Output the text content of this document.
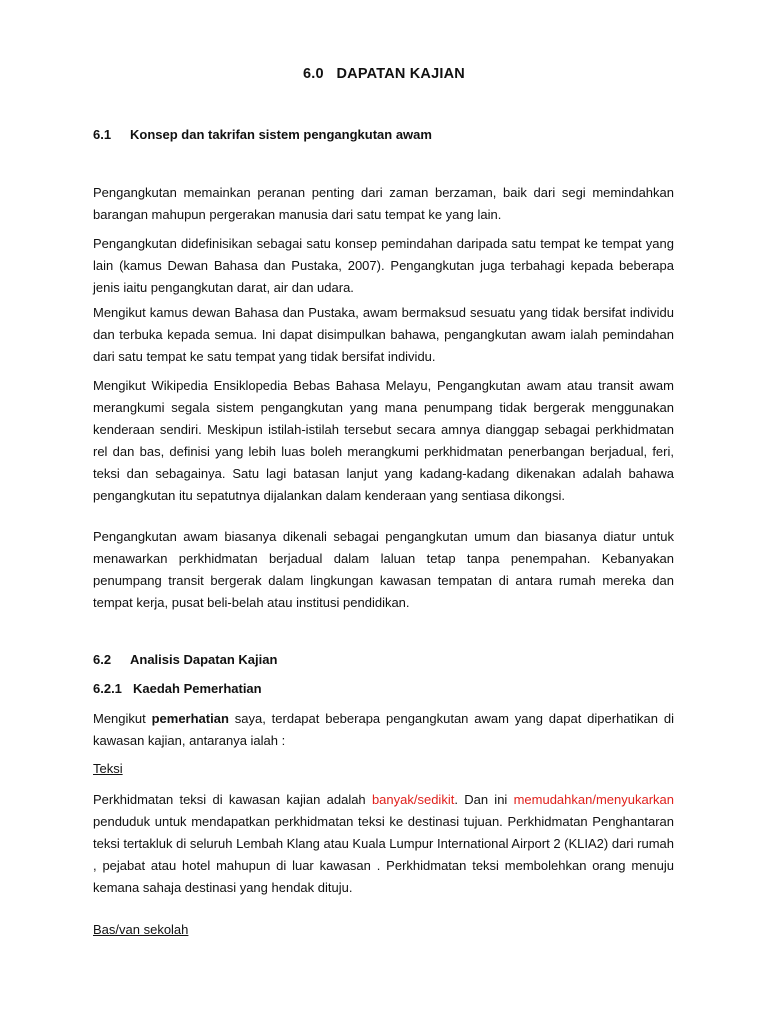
6.0   DAPATAN KAJIAN
6.1 Konsep dan takrifan sistem pengangkutan awam

Pengangkutan memainkan peranan penting dari zaman berzaman, baik dari segi memindahkan barangan mahupun pergerakan manusia dari satu tempat ke yang lain.

Pengangkutan didefinisikan sebagai satu konsep pemindahan daripada satu tempat ke tempat yang lain (kamus Dewan Bahasa dan Pustaka, 2007). Pengangkutan juga terbahagi kepada beberapa jenis iaitu pengangkutan darat, air dan udara.

Mengikut kamus dewan Bahasa dan Pustaka, awam bermaksud sesuatu yang tidak bersifat individu dan terbuka kepada semua. Ini dapat disimpulkan bahawa, pengangkutan awam ialah pemindahan dari satu tempat ke satu tempat yang tidak bersifat individu.

Mengikut Wikipedia Ensiklopedia Bebas Bahasa Melayu, Pengangkutan awam atau transit awam merangkumi segala sistem pengangkutan yang mana penumpang tidak bergerak menggunakan kenderaan sendiri. Meskipun istilah-istilah tersebut secara amnya dianggap sebagai perkhidmatan rel dan bas, definisi yang lebih luas boleh merangkumi perkhidmatan penerbangan berjadual, feri, teksi dan sebagainya. Satu lagi batasan lanjut yang kadang-kadang dikenakan adalah bahawa pengangkutan itu sepatutnya dijalankan dalam kenderaan yang sentiasa dikongsi.

Pengangkutan awam biasanya dikenali sebagai pengangkutan umum dan biasanya diatur untuk menawarkan perkhidmatan berjadual dalam laluan tetap tanpa penempahan. Kebanyakan penumpang transit bergerak dalam lingkungan kawasan tempatan di antara rumah mereka dan tempat kerja, pusat beli-belah atau institusi pendidikan.

6.2 Analisis Dapatan Kajian
6.2.1 Kaedah Pemerhatian

Mengikut pemerhatian saya, terdapat beberapa pengangkutan awam yang dapat diperhatikan di kawasan kajian, antaranya ialah :

Teksi

Perkhidmatan teksi di kawasan kajian adalah banyak/sedikit. Dan ini memudahkan/menyukarkan penduduk untuk mendapatkan perkhidmatan teksi ke destinasi tujuan. Perkhidmatan Penghantaran teksi tertakluk di seluruh Lembah Klang atau Kuala Lumpur International Airport 2 (KLIA2) dari rumah , pejabat atau hotel mahupun di luar kawasan . Perkhidmatan teksi membolehkan orang menuju kemana sahaja destinasi yang hendak dituju.

Bas/van sekolah
